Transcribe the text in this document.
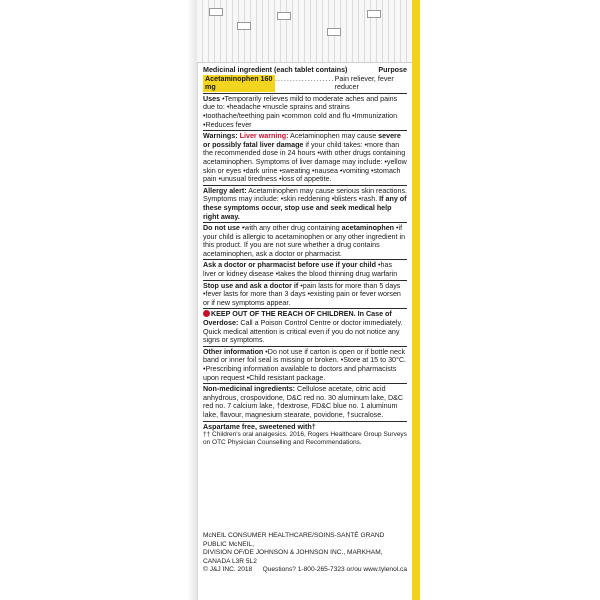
Medicinal ingredient (each tablet contains)	Purpose
Acetaminophen 160 mg
.................... Pain reliever, fever reducer

Uses •Temporarily relieves mild to moderate aches and pains due to: •headache •muscle sprains and strains •toothache/teething pain •common cold and flu •Immunization •Reduces fever

Warnings: Liver warning: Acetaminophen may cause severe or possibly fatal liver damage if your child takes: •more than the recommended dose in 24 hours •with other drugs containing acetaminophen. Symptoms of liver damage may include: •yellow skin or eyes •dark urine •sweating •nausea •vomiting •stomach pain •unusual tiredness •loss of appetite.

Allergy alert: Acetaminophen may cause serious skin reactions. Symptoms may include: •skin reddening •blisters •rash. If any of these symptoms occur, stop use and seek medical help right away.

Do not use •with any other drug containing acetaminophen •if your child is allergic to acetaminophen or any other ingredient in this product. If you are not sure whether a drug contains acetaminophen, ask a doctor or pharmacist.

Ask a doctor or pharmacist before use if your child •has liver or kidney disease •takes the blood thinning drug warfarin

Stop use and ask a doctor if •pain lasts for more than 5 days •fever lasts for more than 3 days •existing pain or fever worsen or if new symptoms appear.

KEEP OUT OF THE REACH OF CHILDREN. In Case of Overdose: Call a Poison Control Centre or doctor immediately. Quick medical attention is critical even if you do not notice any signs or symptoms.

Other information •Do not use if carton is open or if bottle neck band or inner foil seal is missing or broken. •Store at 15 to 30°C. •Prescribing information available to doctors and pharmacists upon request •Child resistant package.

Non-medicinal ingredients: Cellulose acetate, citric acid anhydrous, crospovidone, D&C red no. 30 aluminum lake, D&C red no. 7 calcium lake, †dextrose, FD&C blue no. 1 aluminum lake, flavour, magnesium stearate, povidone, †sucralose.

Aspartame free, sweetened with†

†† Children's oral analgesics. 2016, Rogers Healthcare Group Surveys on OTC Physician Counselling and Recommendations.

McNEIL CONSUMER HEALTHCARE/SOINS-SANTÉ GRAND PUBLIC McNEIL,
DIVISION OF/DE JOHNSON & JOHNSON INC., MARKHAM, CANADA L3R 5L2
© J&J INC. 2018 Questions? 1-800-265-7323 or/ou www.tylenol.ca
